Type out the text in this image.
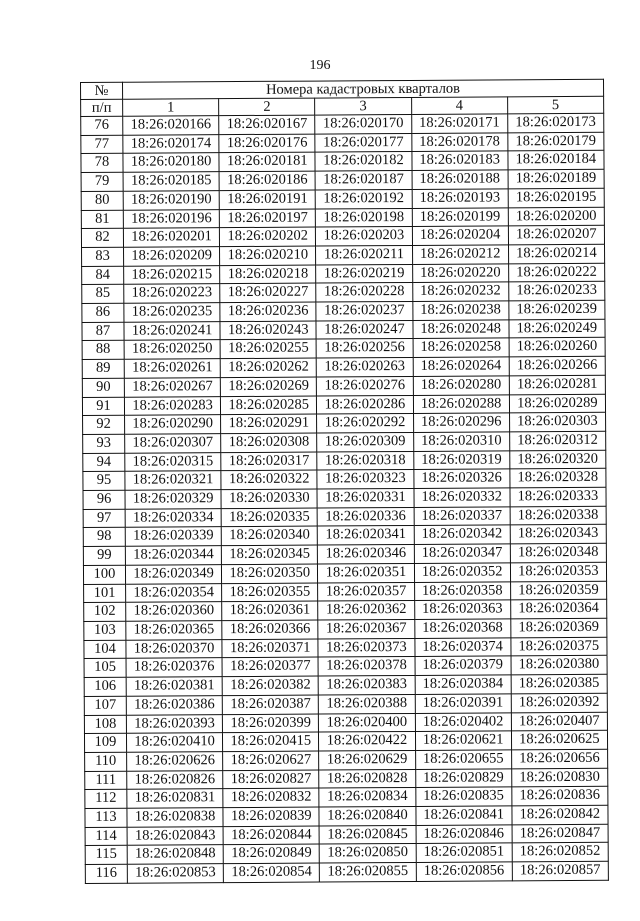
196
№	Номера кадастровых кварталов				
п/п	1	2	3	4	5
76	18:26:020166	18:26:020167	18:26:020170	18:26:020171	18:26:020173
77	18:26:020174	18:26:020176	18:26:020177	18:26:020178	18:26:020179
78	18:26:020180	18:26:020181	18:26:020182	18:26:020183	18:26:020184
79	18:26:020185	18:26:020186	18:26:020187	18:26:020188	18:26:020189
80	18:26:020190	18:26:020191	18:26:020192	18:26:020193	18:26:020195
81	18:26:020196	18:26:020197	18:26:020198	18:26:020199	18:26:020200
82	18:26:020201	18:26:020202	18:26:020203	18:26:020204	18:26:020207
83	18:26:020209	18:26:020210	18:26:020211	18:26:020212	18:26:020214
84	18:26:020215	18:26:020218	18:26:020219	18:26:020220	18:26:020222
85	18:26:020223	18:26:020227	18:26:020228	18:26:020232	18:26:020233
86	18:26:020235	18:26:020236	18:26:020237	18:26:020238	18:26:020239
87	18:26:020241	18:26:020243	18:26:020247	18:26:020248	18:26:020249
88	18:26:020250	18:26:020255	18:26:020256	18:26:020258	18:26:020260
89	18:26:020261	18:26:020262	18:26:020263	18:26:020264	18:26:020266
90	18:26:020267	18:26:020269	18:26:020276	18:26:020280	18:26:020281
91	18:26:020283	18:26:020285	18:26:020286	18:26:020288	18:26:020289
92	18:26:020290	18:26:020291	18:26:020292	18:26:020296	18:26:020303
93	18:26:020307	18:26:020308	18:26:020309	18:26:020310	18:26:020312
94	18:26:020315	18:26:020317	18:26:020318	18:26:020319	18:26:020320
95	18:26:020321	18:26:020322	18:26:020323	18:26:020326	18:26:020328
96	18:26:020329	18:26:020330	18:26:020331	18:26:020332	18:26:020333
97	18:26:020334	18:26:020335	18:26:020336	18:26:020337	18:26:020338
98	18:26:020339	18:26:020340	18:26:020341	18:26:020342	18:26:020343
99	18:26:020344	18:26:020345	18:26:020346	18:26:020347	18:26:020348
100	18:26:020349	18:26:020350	18:26:020351	18:26:020352	18:26:020353
101	18:26:020354	18:26:020355	18:26:020357	18:26:020358	18:26:020359
102	18:26:020360	18:26:020361	18:26:020362	18:26:020363	18:26:020364
103	18:26:020365	18:26:020366	18:26:020367	18:26:020368	18:26:020369
104	18:26:020370	18:26:020371	18:26:020373	18:26:020374	18:26:020375
105	18:26:020376	18:26:020377	18:26:020378	18:26:020379	18:26:020380
106	18:26:020381	18:26:020382	18:26:020383	18:26:020384	18:26:020385
107	18:26:020386	18:26:020387	18:26:020388	18:26:020391	18:26:020392
108	18:26:020393	18:26:020399	18:26:020400	18:26:020402	18:26:020407
109	18:26:020410	18:26:020415	18:26:020422	18:26:020621	18:26:020625
110	18:26:020626	18:26:020627	18:26:020629	18:26:020655	18:26:020656
111	18:26:020826	18:26:020827	18:26:020828	18:26:020829	18:26:020830
112	18:26:020831	18:26:020832	18:26:020834	18:26:020835	18:26:020836
113	18:26:020838	18:26:020839	18:26:020840	18:26:020841	18:26:020842
114	18:26:020843	18:26:020844	18:26:020845	18:26:020846	18:26:020847
115	18:26:020848	18:26:020849	18:26:020850	18:26:020851	18:26:020852
116	18:26:020853	18:26:020854	18:26:020855	18:26:020856	18:26:020857
